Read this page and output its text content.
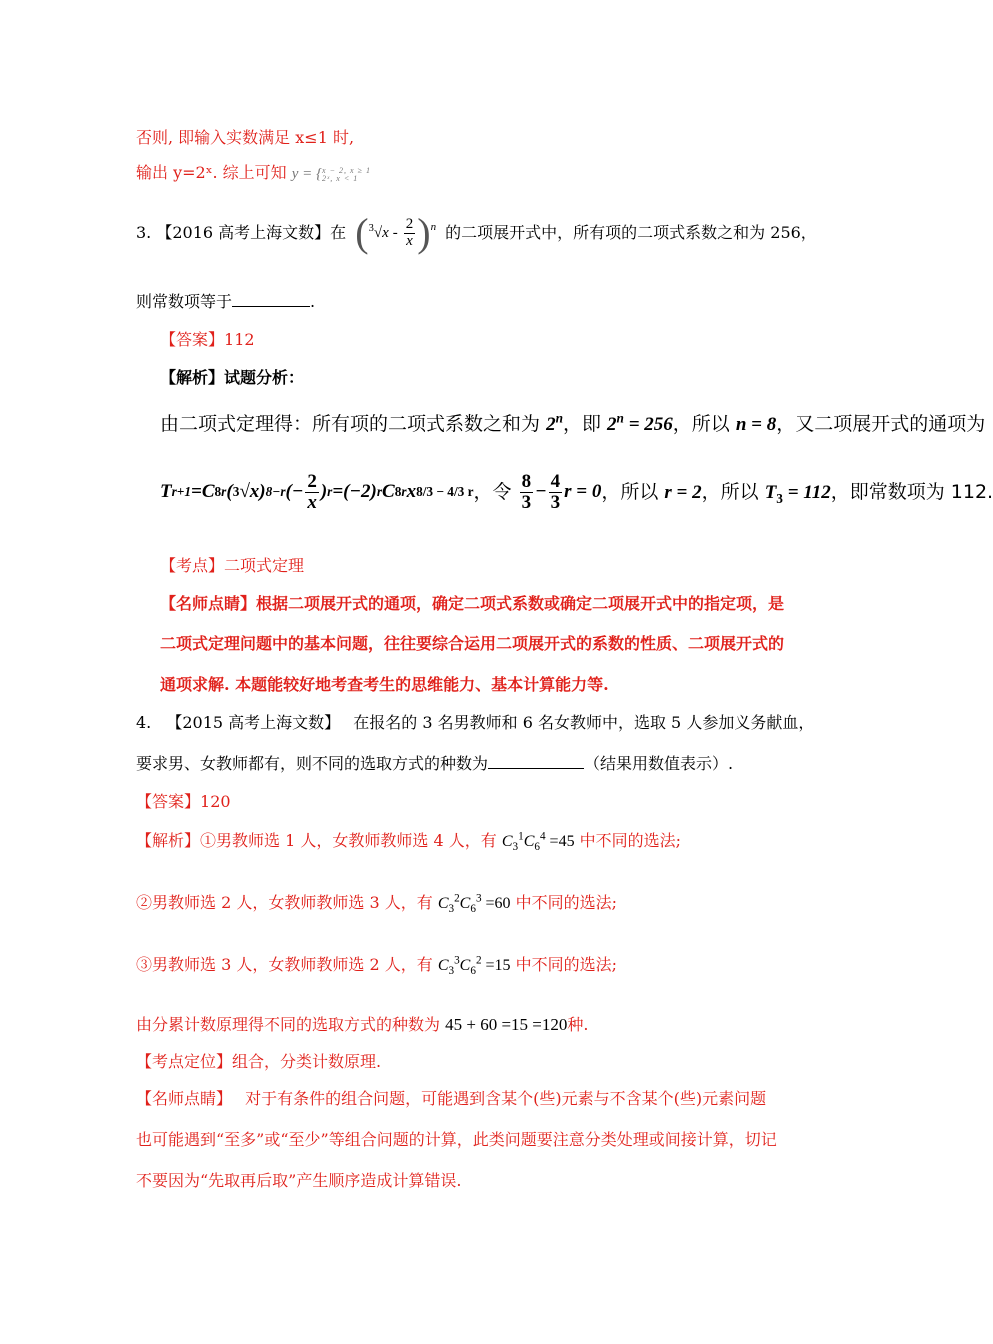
否则, 即输入实数满足 x≤1 时,
输出 y=2ˣ. 综上可知 y = {x − 2, x ≥ 1
2ˣ, x < 1
3. 【2016 高考上海文数】在 ( $^3√x - \frac{2}{x}$ ) n 的二项展开式中，所有项的二项式系数之和为 256，
则常数项等于	.
【答案】112
【解析】试题分析：
由二项式定理得：所有项的二项式系数之和为 2$^n$，即 $2^n = 256$，所以 n = 8，又二项展开式的通项为
T r+1 =C 8 r ( 3 √x) 8−r (− $\frac{2}{x}$ ) r =(−2) r C 8 r x 8/3 − 4/3 r ，令 $\frac{8}{3} - \frac{4}{3}$ r = 0，所以 r = 2，所以 $T_3 = 112$，即常数项为 112.
【考点】二项式定理
【名师点睛】根据二项展开式的通项，确定二项式系数或确定二项展开式中的指定项，是
二项式定理问题中的基本问题，往往要综合运用二项展开式的系数的性质、二项展开式的
通项求解. 本题能较好地考查考生的思维能力、基本计算能力等.
4. 【2015 高考上海文数】 在报名的 3 名男教师和 6 名女教师中，选取 5 人参加义务献血，
要求男、女教师都有，则不同的选取方式的种数为	（结果用数值表示）.
【答案】120
【解析】①男教师选 1 人，女教师教师选 4 人，有 $C_3^1C_6^4 =45$ 中不同的选法;
②男教师选 2 人，女教师教师选 3 人，有 $C_3^2C_6^3 =60$ 中不同的选法;
③男教师选 3 人，女教师教师选 2 人，有 $C_3^3C_6^2 =15$ 中不同的选法;
由分累计数原理得不同的选取方式的种数为 45 + 60 =15 =120种.
【考点定位】组合，分类计数原理.
【名师点睛】 对于有条件的组合问题，可能遇到含某个(些)元素与不含某个(些)元素问题
也可能遇到“至多”或“至少”等组合问题的计算，此类问题要注意分类处理或间接计算，切记
不要因为“先取再后取”产生顺序造成计算错误.
